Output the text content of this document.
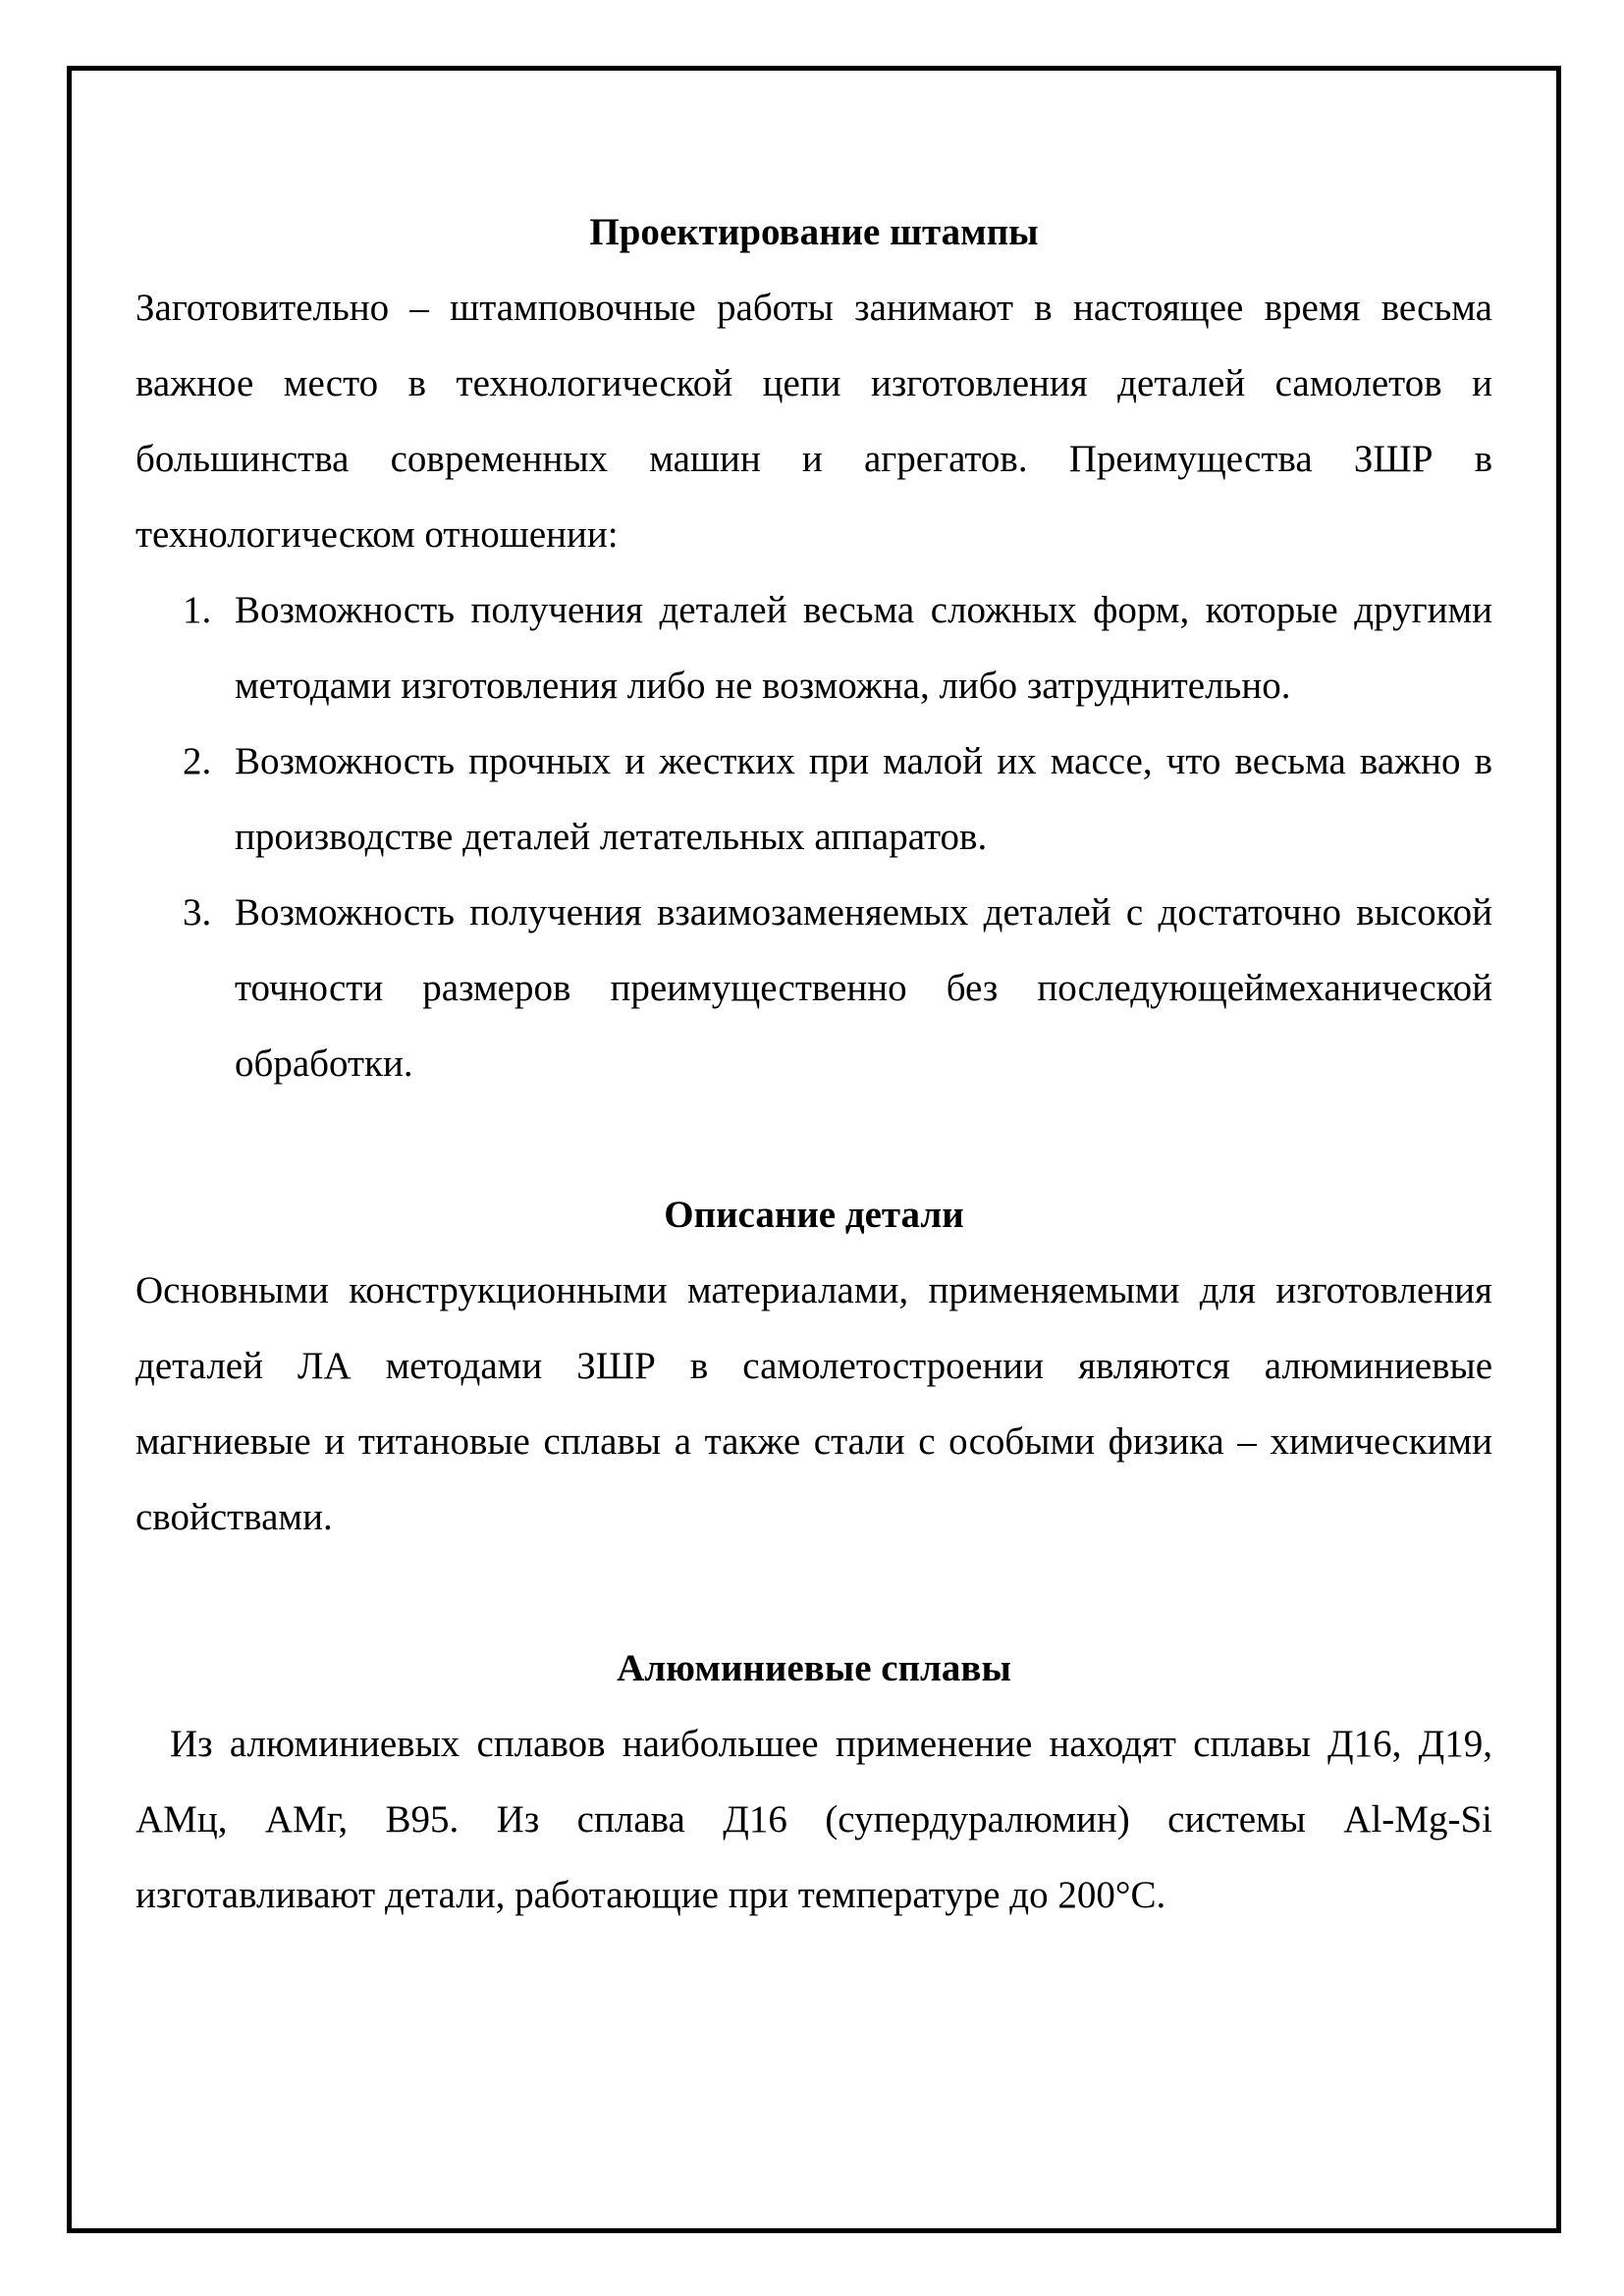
Проектирование штампы
Заготовительно – штамповочные работы занимают в настоящее время весьма важное место в технологической цепи изготовления деталей самолетов и большинства современных машин и агрегатов. Преимущества ЗШР в технологическом отношении:
1. Возможность получения деталей весьма сложных форм, которые другими методами изготовления либо не возможна, либо затруднительно.
2. Возможность прочных и жестких при малой их массе, что весьма важно в производстве деталей летательных аппаратов.
3. Возможность получения взаимозаменяемых деталей с достаточно высокой точности размеров преимущественно без последующеймеханической обработки.
Описание детали
Основными конструкционными материалами, применяемыми для изготовления деталей ЛА методами ЗШР в самолетостроении являются алюминиевые магниевые и титановые сплавы а также стали с особыми физика – химическими свойствами.
Алюминиевые сплавы
Из алюминиевых сплавов наибольшее применение находят сплавы Д16, Д19, АМц, АМг, В95. Из сплава Д16 (супердуралюмин) системы Al-Mg-Si изготавливают детали, работающие при температуре до 200°С.
